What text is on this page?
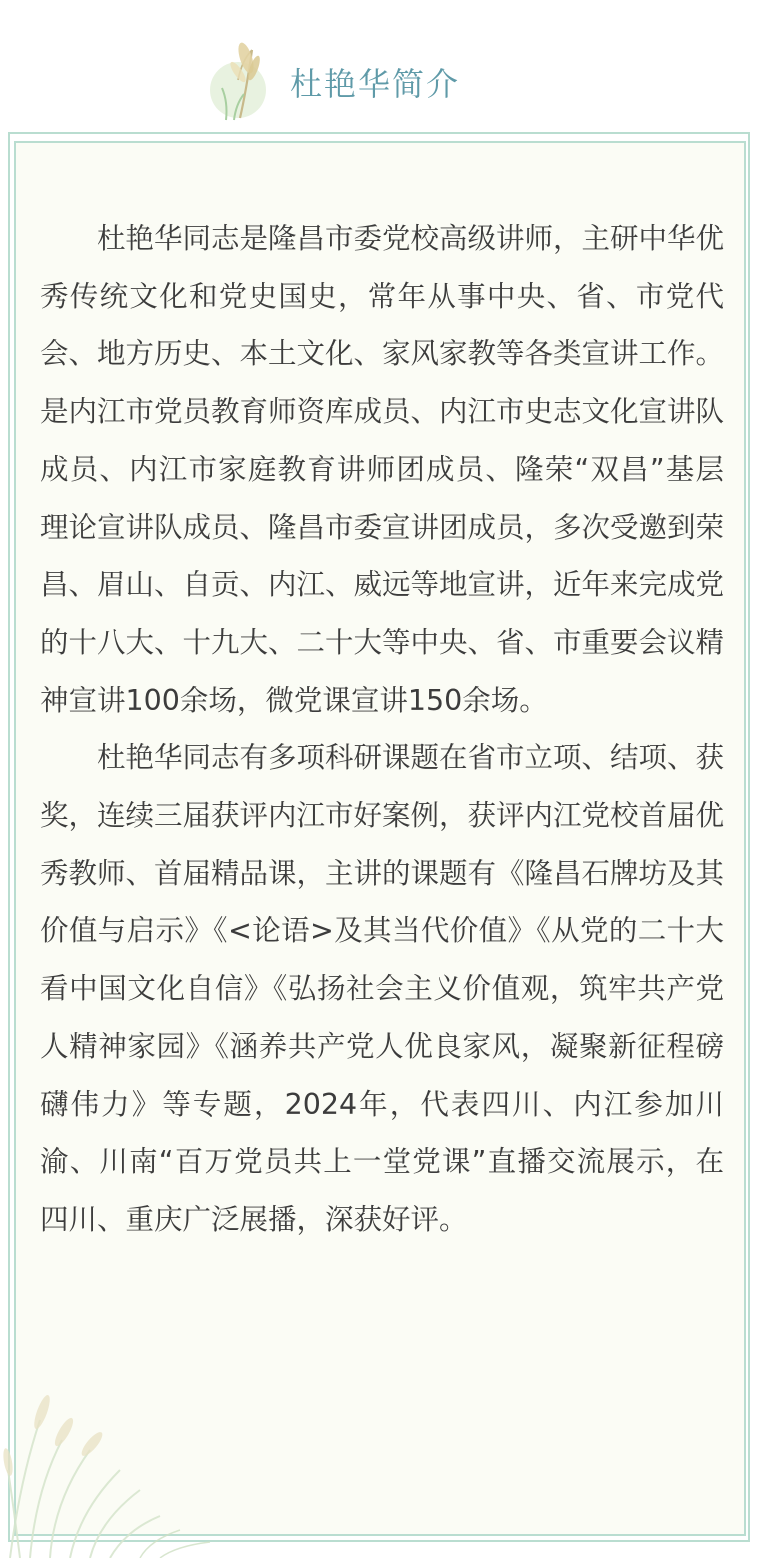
杜艳华简介

杜艳华同志是隆昌市委党校高级讲师，主研中华优秀传统文化和党史国史，常年从事中央、省、市党代会、地方历史、本土文化、家风家教等各类宣讲工作。是内江市党员教育师资库成员、内江市史志文化宣讲队成员、内江市家庭教育讲师团成员、隆荣“双昌”基层理论宣讲队成员、隆昌市委宣讲团成员，多次受邀到荣昌、眉山、自贡、内江、威远等地宣讲，近年来完成党的十八大、十九大、二十大等中央、省、市重要会议精神宣讲100余场，微党课宣讲150余场。

杜艳华同志有多项科研课题在省市立项、结项、获奖，连续三届获评内江市好案例，获评内江党校首届优秀教师、首届精品课，主讲的课题有《隆昌石牌坊及其价值与启示》《<论语>及其当代价值》《从党的二十大看中国文化自信》《弘扬社会主义价值观，筑牢共产党人精神家园》《涵养共产党人优良家风，凝聚新征程磅礴伟力》等专题，2024年，代表四川、内江参加川渝、川南“百万党员共上一堂党课”直播交流展示，在四川、重庆广泛展播，深获好评。
